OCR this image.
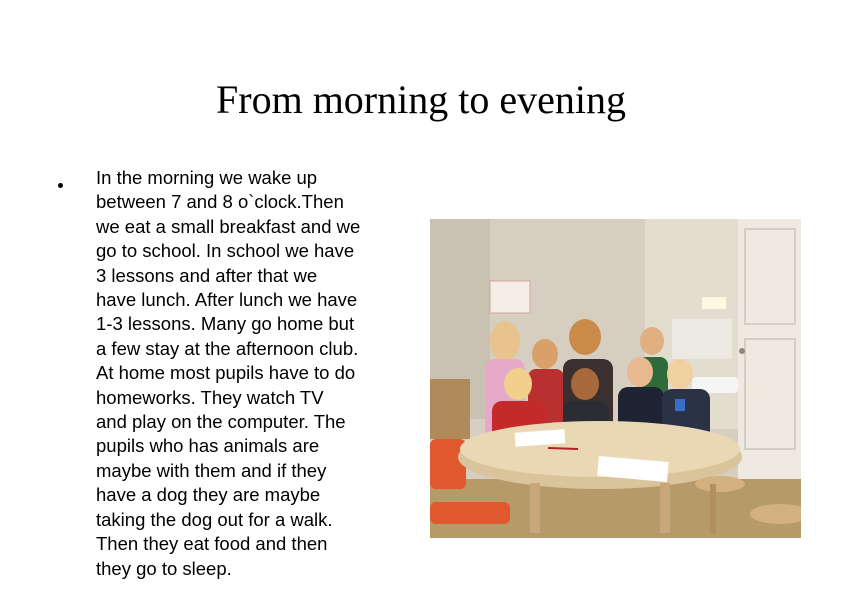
From morning to evening
In the morning we wake up
between 7 and 8 o`clock.Then
we eat a small breakfast and we
go to school. In school we have
3 lessons and after that we
have lunch. After lunch we have
1-3 lessons. Many go home but
a few stay at the afternoon club.
At home most pupils have to do
homeworks. They watch TV
and play on the computer. The
pupils who has animals are
maybe with them and if they
have a dog they are maybe
taking the dog out for a walk.
Then they eat food and then
they go to sleep.
